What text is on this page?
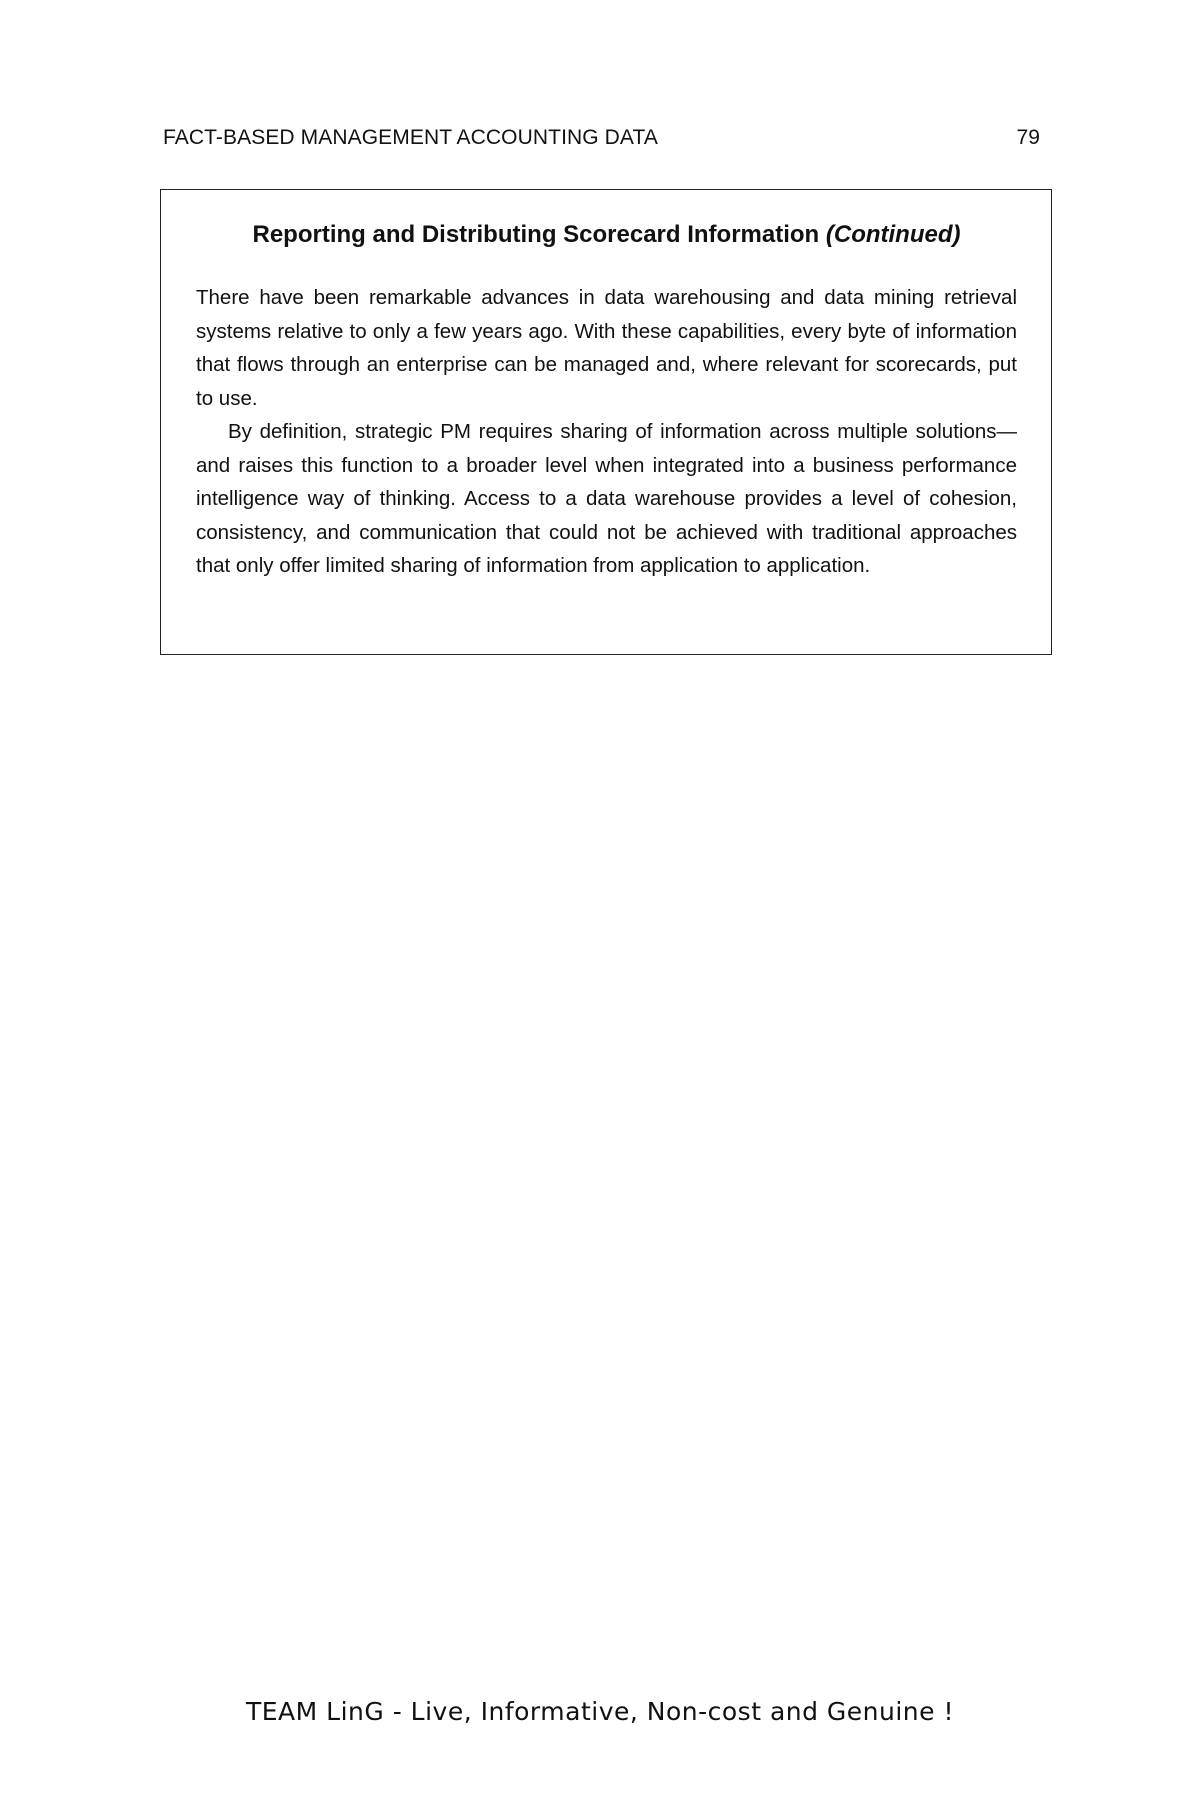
FACT-BASED MANAGEMENT ACCOUNTING DATA	79
Reporting and Distributing Scorecard Information (Continued)

There have been remarkable advances in data warehousing and data mining retrieval systems relative to only a few years ago. With these capabilities, every byte of information that flows through an enterprise can be managed and, where relevant for scorecards, put to use.

By definition, strategic PM requires sharing of information across multiple solutions—and raises this function to a broader level when integrated into a business performance intelligence way of thinking. Access to a data warehouse provides a level of cohesion, consistency, and communication that could not be achieved with traditional approaches that only offer limited sharing of information from application to application.

TEAM LinG - Live, Informative, Non-cost and Genuine !
